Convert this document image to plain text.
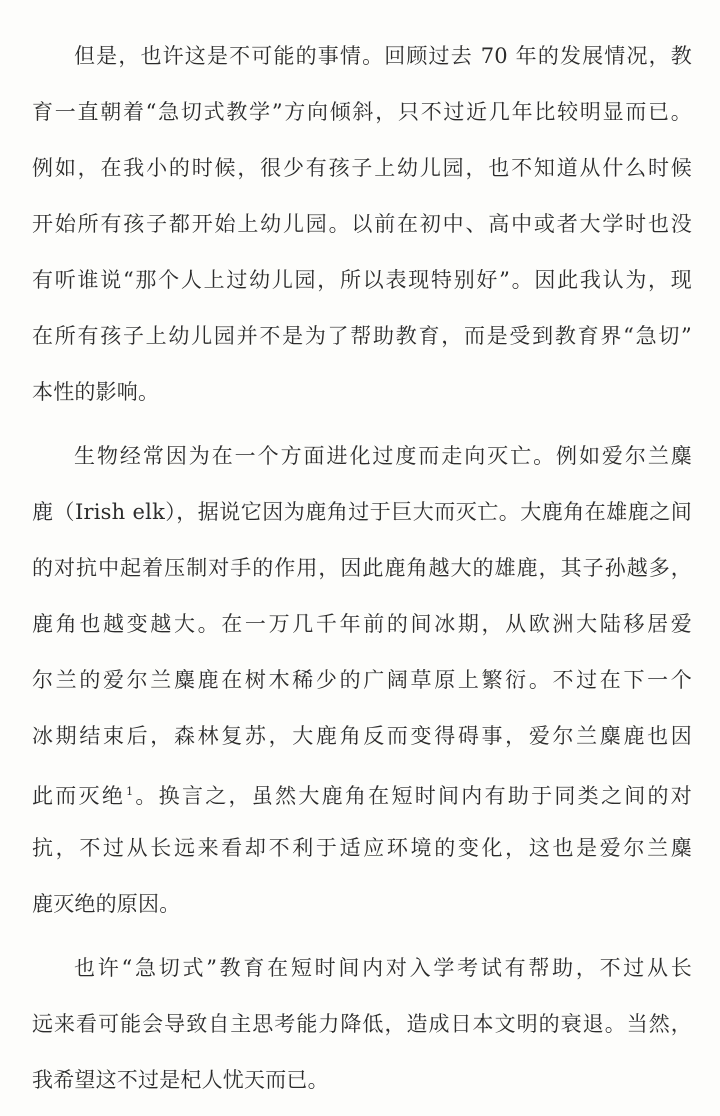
但是，也许这是不可能的事情。回顾过去 70 年的发展情况，教
育一直朝着“急切式教学”方向倾斜，只不过近几年比较明显而已。
例如，在我小的时候，很少有孩子上幼儿园，也不知道从什么时候
开始所有孩子都开始上幼儿园。以前在初中、高中或者大学时也没
有听谁说“那个人上过幼儿园，所以表现特别好”。因此我认为，现
在所有孩子上幼儿园并不是为了帮助教育，而是受到教育界“急切”
本性的影响。
生物经常因为在一个方面进化过度而走向灭亡。例如爱尔兰麋
鹿（Irish elk），据说它因为鹿角过于巨大而灭亡。大鹿角在雄鹿之间
的对抗中起着压制对手的作用，因此鹿角越大的雄鹿，其子孙越多，
鹿角也越变越大。在一万几千年前的间冰期，从欧洲大陆移居爱
尔兰的爱尔兰麋鹿在树木稀少的广阔草原上繁衍。不过在下一个
冰期结束后，森林复苏，大鹿角反而变得碍事，爱尔兰麋鹿也因
此而灭绝$^1$。换言之，虽然大鹿角在短时间内有助于同类之间的对
抗，不过从长远来看却不利于适应环境的变化，这也是爱尔兰麋
鹿灭绝的原因。
也许“急切式”教育在短时间内对入学考试有帮助，不过从长
远来看可能会导致自主思考能力降低，造成日本文明的衰退。当然，
我希望这不过是杞人忧天而已。
